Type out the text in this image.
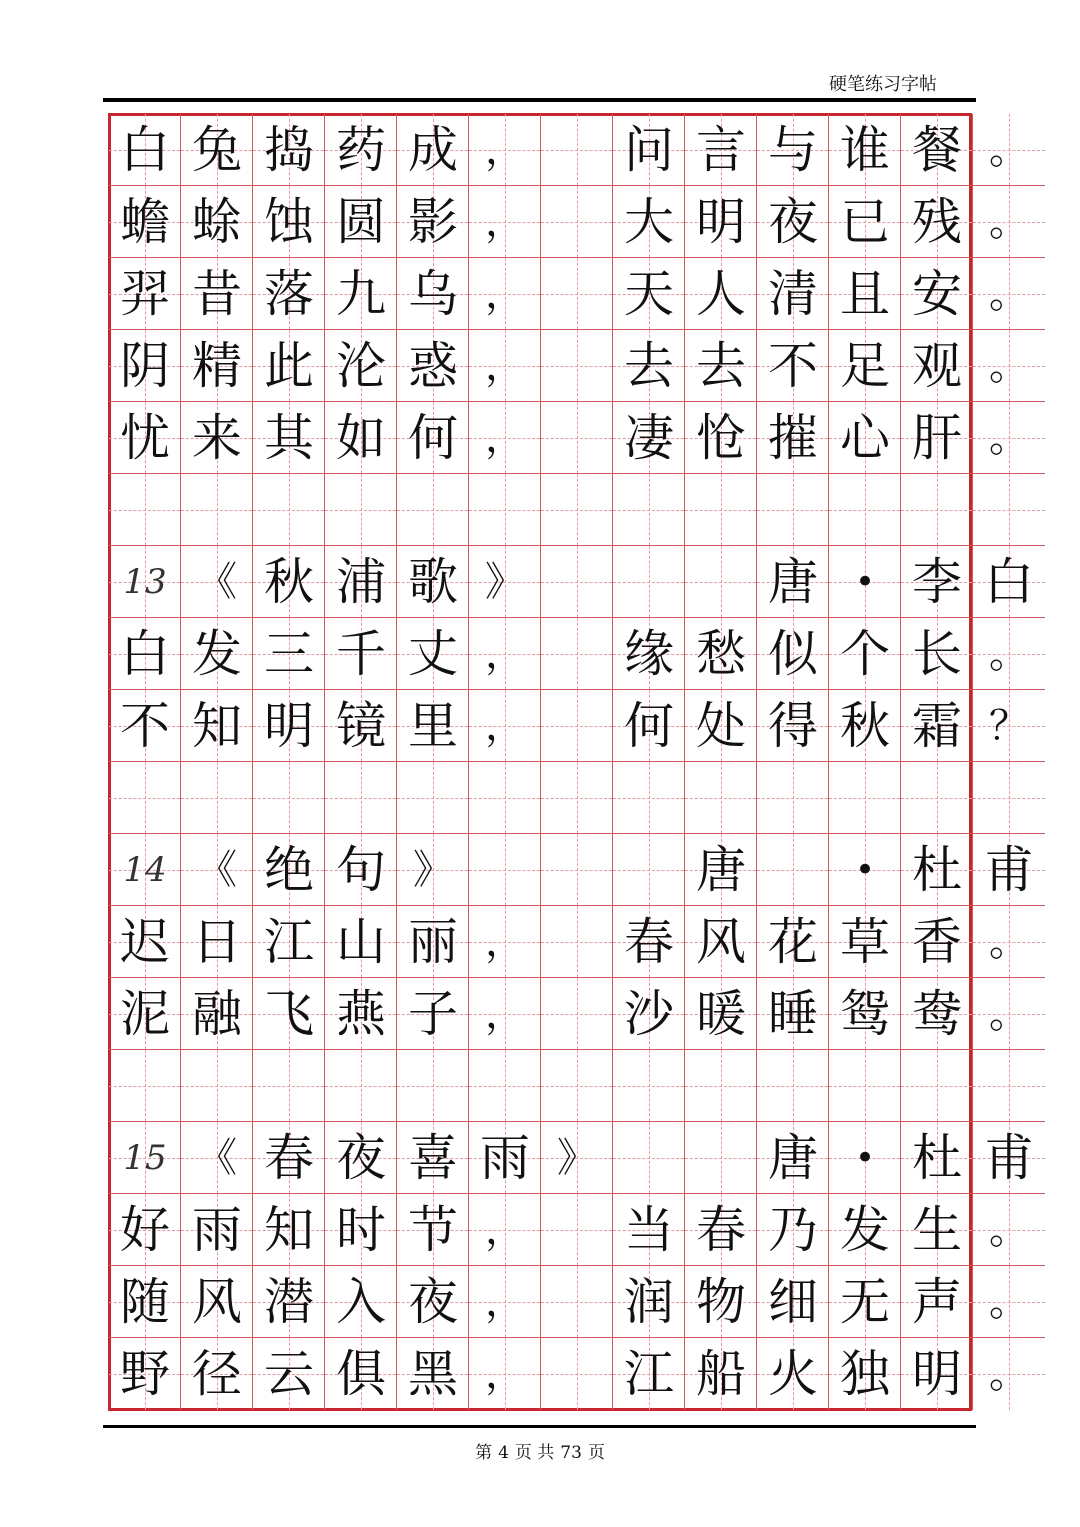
硬笔练习字帖
白 兔 捣 药 成 ，	问 言 与 谁 餐 。
蟾 蜍 蚀 圆 影 ，	大 明 夜 已 残 。
羿 昔 落 九 乌 ，	天 人 清 且 安 。
阴 精 此 沦 惑 ，	去 去 不 足 观 。
忧 来 其 如 何 ，	凄 怆 摧 心 肝 。
13 《 秋 浦 歌 》	唐	• 李 白
白 发 三 千 丈 ，	缘 愁 似 个 长 。
不 知 明 镜 里 ，	何 处 得 秋 霜 ？
14 《 绝 句 》	唐	• 杜 甫
迟 日 江 山 丽 ，	春 风 花 草 香 。
泥 融 飞 燕 子 ，	沙 暖 睡 鸳 鸯 。
15 《 春 夜 喜 雨 》	唐	• 杜 甫
好 雨 知 时 节 ，	当 春 乃 发 生 。
随 风 潜 入 夜 ，	润 物 细 无 声 。
野 径 云 俱 黑 ，	江 船 火 独 明 。
第 4 页 共 73 页
